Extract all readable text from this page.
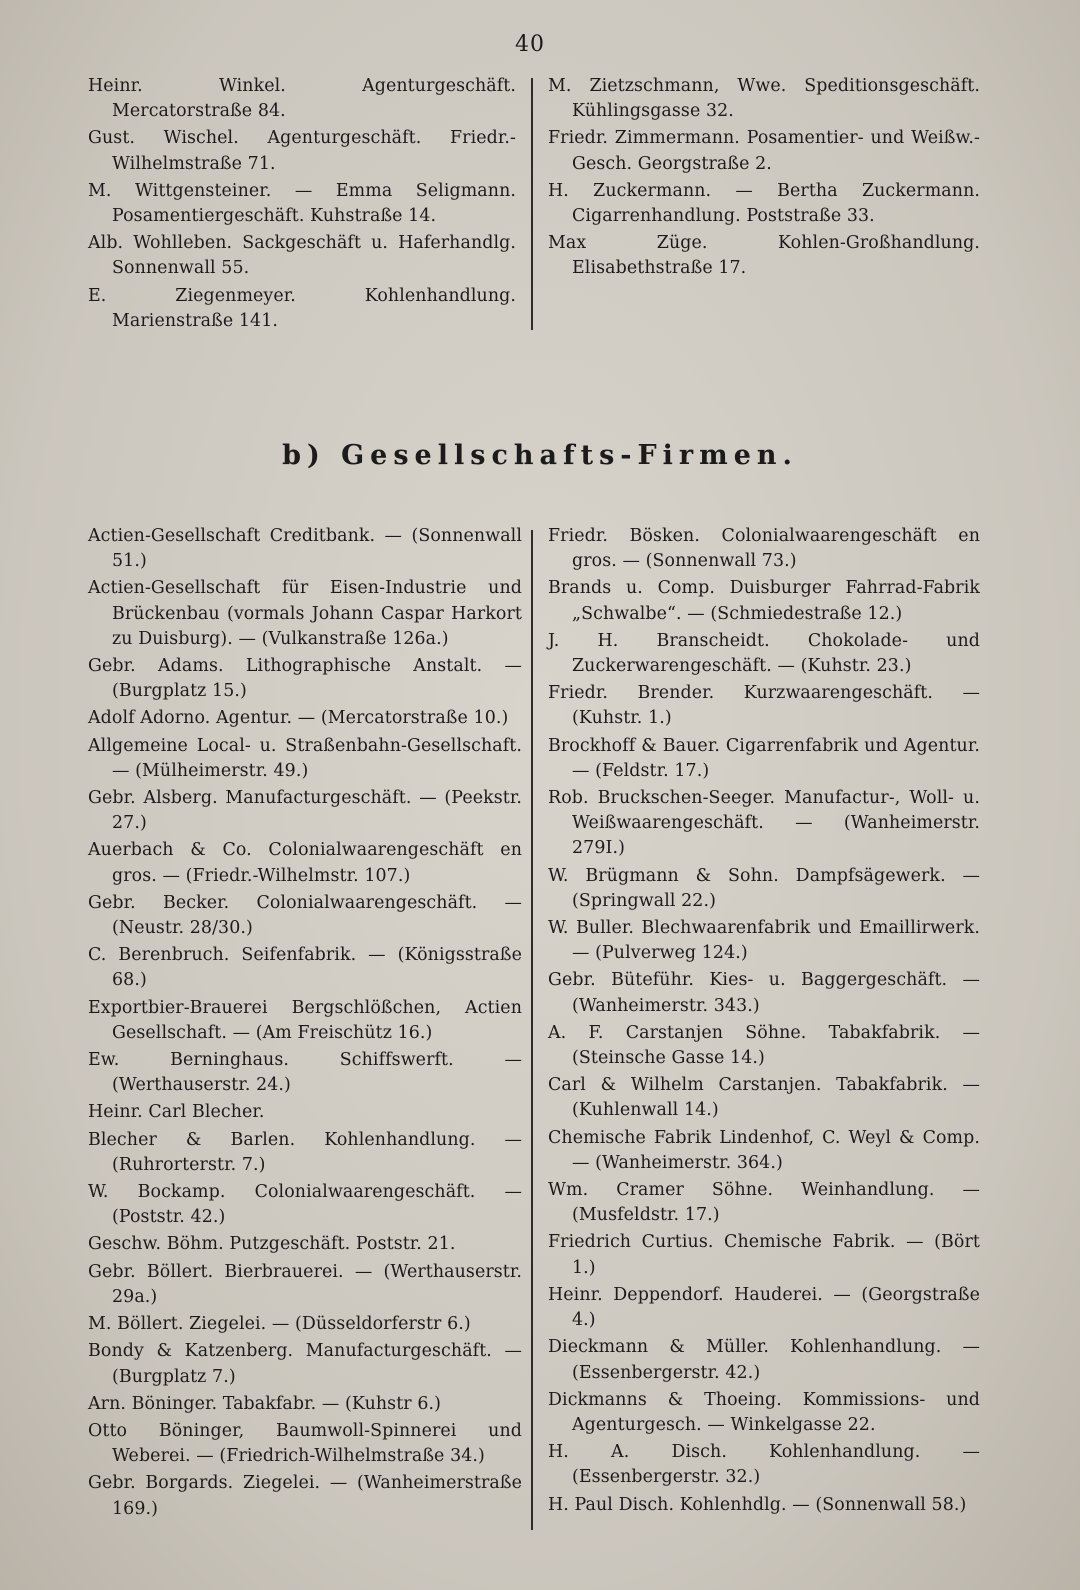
40
Heinr. Winkel. Agenturgeschäft. Mercatorstraße 84.
Gust. Wischel. Agenturgeschäft. Friedr.-Wilhelmstraße 71.
M. Wittgensteiner. — Emma Seligmann. Posamentiergeschäft. Kuhstraße 14.
Alb. Wohlleben. Sackgeschäft u. Haferhandlg. Sonnenwall 55.
E. Ziegenmeyer. Kohlenhandlung. Marienstraße 141.
M. Zietzschmann, Wwe. Speditionsgeschäft. Kühlingsgasse 32.
Friedr. Zimmermann. Posamentier- und Weißw.-Gesch. Georgstraße 2.
H. Zuckermann. — Bertha Zuckermann. Cigarrenhandlung. Poststraße 33.
Max Züge. Kohlen-Großhandlung. Elisabethstraße 17.
b) Gesellschafts-Firmen.
Actien-Gesellschaft Creditbank. — (Sonnenwall 51.)
Actien-Gesellschaft für Eisen-Industrie und Brückenbau (vormals Johann Caspar Harkort zu Duisburg). — (Vulkanstraße 126a.)
Gebr. Adams. Lithographische Anstalt. — (Burgplatz 15.)
Adolf Adorno. Agentur. — (Mercatorstraße 10.)
Allgemeine Local- u. Straßenbahn-Gesellschaft. — (Mülheimerstr. 49.)
Gebr. Alsberg. Manufacturgeschäft. — (Peekstr. 27.)
Auerbach & Co. Colonialwaarengeschäft en gros. — (Friedr.-Wilhelmstr. 107.)
Gebr. Becker. Colonialwaarengeschäft. — (Neustr. 28/30.)
C. Berenbruch. Seifenfabrik. — (Königsstraße 68.)
Exportbier-Brauerei Bergschlößchen, Actien Gesellschaft. — (Am Freischütz 16.)
Ew. Berninghaus. Schiffswerft. — (Werthauserstr. 24.)
Heinr. Carl Blecher.
Blecher & Barlen. Kohlenhandlung. — (Ruhrorterstr. 7.)
W. Bockamp. Colonialwaarengeschäft. — (Poststr. 42.)
Geschw. Böhm. Putzgeschäft. Poststr. 21.
Gebr. Böllert. Bierbrauerei. — (Werthauserstr. 29a.)
M. Böllert. Ziegelei. — (Düsseldorferstr 6.)
Bondy & Katzenberg. Manufacturgeschäft. — (Burgplatz 7.)
Arn. Böninger. Tabakfabr. — (Kuhstr 6.)
Otto Böninger, Baumwoll-Spinnerei und Weberei. — (Friedrich-Wilhelmstraße 34.)
Gebr. Borgards. Ziegelei. — (Wanheimerstraße 169.)
Friedr. Bösken. Colonialwaarengeschäft en gros. — (Sonnenwall 73.)
Brands u. Comp. Duisburger Fahrrad-Fabrik „Schwalbe“. — (Schmiedestraße 12.)
J. H. Branscheidt. Chokolade- und Zuckerwarengeschäft. — (Kuhstr. 23.)
Friedr. Brender. Kurzwaarengeschäft. — (Kuhstr. 1.)
Brockhoff & Bauer. Cigarrenfabrik und Agentur. — (Feldstr. 17.)
Rob. Bruckschen-Seeger. Manufactur-, Woll- u. Weißwaarengeschäft. — (Wanheimerstr. 279I.)
W. Brügmann & Sohn. Dampfsägewerk. — (Springwall 22.)
W. Buller. Blechwaarenfabrik und Emaillirwerk. — (Pulverweg 124.)
Gebr. Büteführ. Kies- u. Baggergeschäft. — (Wanheimerstr. 343.)
A. F. Carstanjen Söhne. Tabakfabrik. — (Steinsche Gasse 14.)
Carl & Wilhelm Carstanjen. Tabakfabrik. — (Kuhlenwall 14.)
Chemische Fabrik Lindenhof, C. Weyl & Comp. — (Wanheimerstr. 364.)
Wm. Cramer Söhne. Weinhandlung. — (Musfeldstr. 17.)
Friedrich Curtius. Chemische Fabrik. — (Bört 1.)
Heinr. Deppendorf. Hauderei. — (Georgstraße 4.)
Dieckmann & Müller. Kohlenhandlung. — (Essenbergerstr. 42.)
Dickmanns & Thoeing. Kommissions- und Agenturgesch. — Winkelgasse 22.
H. A. Disch. Kohlenhandlung. — (Essenbergerstr. 32.)
H. Paul Disch. Kohlenhdlg. — (Sonnenwall 58.)
